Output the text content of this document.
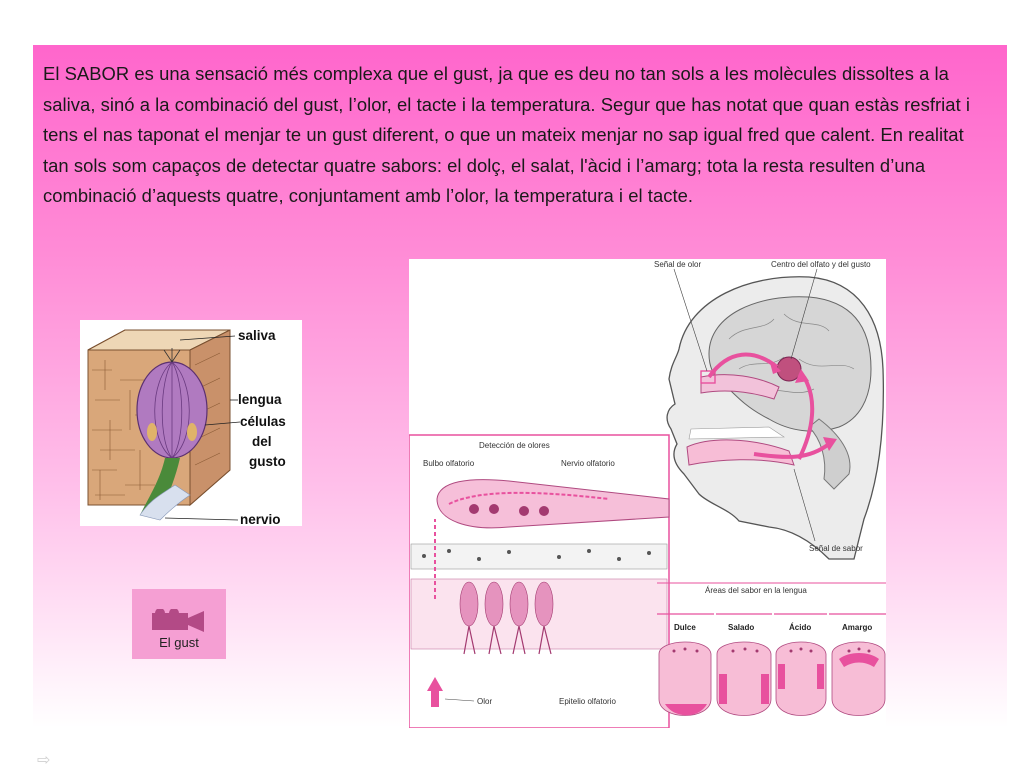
El SABOR es una sensació més complexa que el gust, ja que es deu no tan sols a les molècules dissoltes a la saliva, sinó a la combinació del gust, l’olor, el tacte i la temperatura. Segur que has notat que quan estàs resfriat i tens el nas taponat el menjar te un gust diferent, o que un mateix menjar no sap igual fred que calent. En realitat tan sols som capaços de detectar quatre sabors: el dolç, el salat, l'àcid i l’amarg; tota la resta resulten d’una combinació d’aquests quatre, conjuntament amb l’olor, la temperatura i el tacte.

saliva
lengua
células
del
gusto
nervio
El gust
Señal de olor	Centro del olfato y del gusto
Señal de sabor
Detección de olores
Bulbo olfatorio	Nervio olfatorio
Olor	Epitelio olfatorio
Áreas del sabor en la lengua
Dulce	Salado	Ácido	Amargo
⇨
